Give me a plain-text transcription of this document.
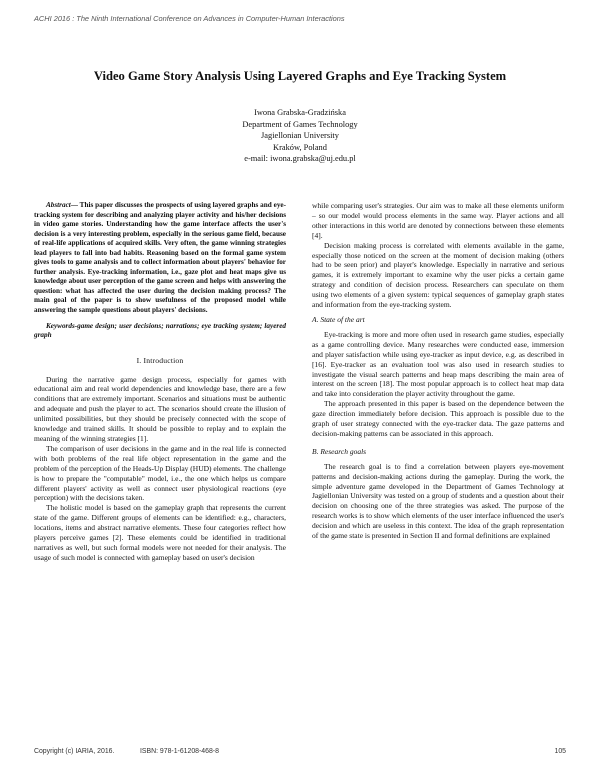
ACHI 2016 : The Ninth International Conference on Advances in Computer-Human Interactions
Video Game Story Analysis Using Layered Graphs and Eye Tracking System
Iwona Grabska-Gradzińska
Department of Games Technology
Jagiellonian University
Kraków, Poland
e-mail: iwona.grabska@uj.edu.pl

Abstract— This paper discusses the prospects of using layered graphs and eye-tracking system for describing and analyzing player activity and his/her decisions in video game stories. Understanding how the game interface affects the user's decision is a very interesting problem, especially in the serious game field, because of real-life applications of acquired skills. Very often, the game winning strategies lead players to fall into bad habits. Reasoning based on the formal game system gives tools to game analysis and to collect information about players' behavior for further analysis. Eye-tracking information, i.e., gaze plot and heat maps give us knowledge about user perception of the game screen and helps with answering the question: what has affected the user during the decision making process? The main goal of the paper is to show usefulness of the proposed model while answering the sample questions about players' decisions.

Keywords-game design; user decisions; narrations; eye tracking system; layered graph

I. Introduction

During the narrative game design process, especially for games with educational aim and real world dependencies and knowledge base, there are a few conditions that are extremely important. Scenarios and situations must be authentic and adequate and push the player to act. The scenarios should create the illusion of unlimited possibilities, but they should be precisely connected with the scope of knowledge and trained skills. It should be possible to replay and to explain the meaning of the winning strategies [1].

The comparison of user decisions in the game and in the real life is connected with both problems of the real life object representation in the game and the problem of the perception of the Heads-Up Display (HUD) elements. The challenge is how to prepare the "computable" model, i.e., the one which helps us compare different players' activity as well as connect user physiological reactions (eye perception) with the decisions taken.

The holistic model is based on the gameplay graph that represents the current state of the game. Different groups of elements can be identified: e.g., characters, locations, items and abstract narrative elements. These four categories reflect how players perceive games [2]. These elements could be identified in traditional narratives as well, but such formal models were not needed for their analysis. The usage of such model is connected with gameplay based on user's decision

while comparing user's strategies. Our aim was to make all these elements uniform – so our model would process elements in the same way. Player actions and all other interactions in this world are denoted by connections between these elements [4].

Decision making process is correlated with elements available in the game, especially those noticed on the screen at the moment of decision making (others had to be seen prior) and player's knowledge. Especially in narrative and serious games, it is extremely important to examine why the user picks a certain game strategy and condition of decision process. Researchers can speculate on them using two elements of a given system: typical sequences of gameplay graph states and information from the eye-tracking system.

A. State of the art

Eye-tracking is more and more often used in research game studies, especially as a game controlling device. Many researches were conducted ease, immersion and player satisfaction while using eye-tracker as input device, e.g. as described in [16]. Eye-tracker as an evaluation tool was also used in research studies to investigate the visual search patterns and heap maps describing the main area of interest on the screen [18]. The most popular approach is to collect heat map data and take into consideration the player activity throughout the game.

The approach presented in this paper is based on the dependence between the gaze direction immediately before decision. This approach is possible due to the graph of user strategy connected with the eye-tracker data. The gaze patterns and decision-making patterns can be associated in this approach.

B. Research goals

The research goal is to find a correlation between players eye-movement patterns and decision-making actions during the gameplay. During the work, the simple adventure game developed in the Department of Games Technology at Jagiellonian University was tested on a group of students and a question about their decision on choosing one of the three strategies was asked. The purpose of the research works is to show which elements of the user interface influenced the user's decision and which are useless in this context. The idea of the graph representation of the game state is presented in Section II and formal definitions are explained

Copyright (c) IARIA, 2016.	ISBN: 978-1-61208-468-8	105
